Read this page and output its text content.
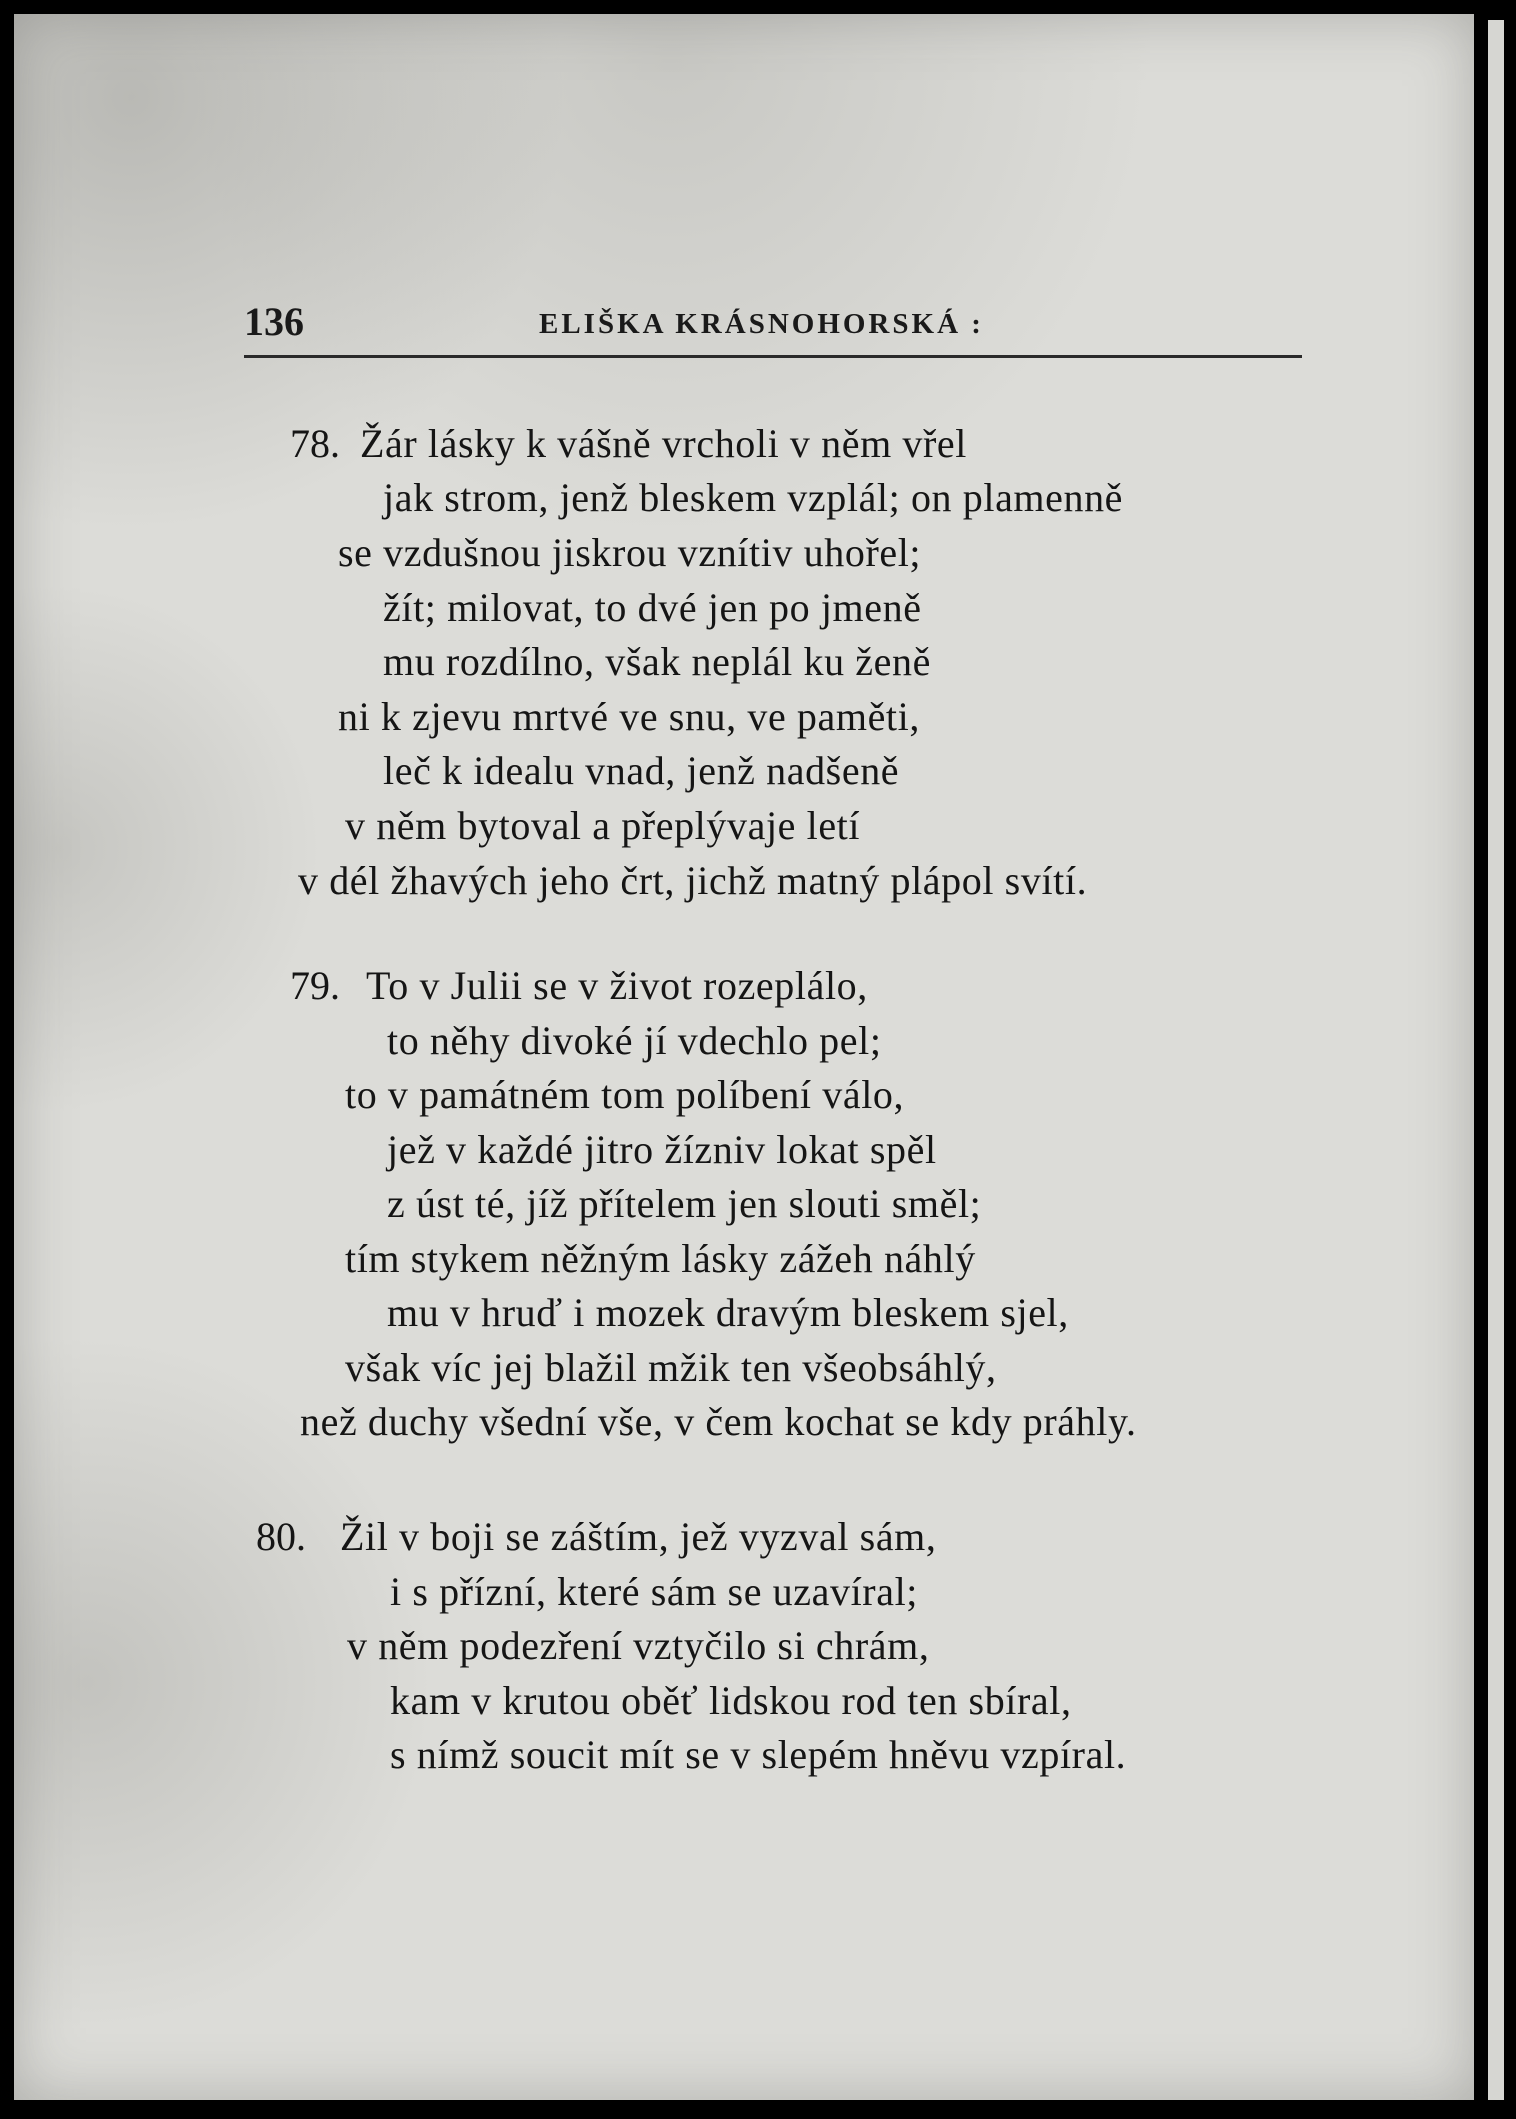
136	ELIŠKA KRÁSNOHORSKÁ :
78. Žár lásky k vášně vrcholi v něm vřel
jak strom, jenž bleskem vzplál; on plamenně
se vzdušnou jiskrou vznítiv uhořel;
žít; milovat, to dvé jen po jmeně
mu rozdílno, však neplál ku ženě
ni k zjevu mrtvé ve snu, ve paměti,
leč k idealu vnad, jenž nadšeně
v něm bytoval a přeplývaje letí
v dél žhavých jeho črt, jichž matný plápol svítí.
79. To v Julii se v život rozeplálo,
to něhy divoké jí vdechlo pel;
to v památném tom políbení válo,
jež v každé jitro žízniv lokat spěl
z úst té, jíž přítelem jen slouti směl;
tím stykem něžným lásky zážeh náhlý
mu v hruď i mozek dravým bleskem sjel,
však víc jej blažil mžik ten všeobsáhlý,
než duchy všední vše, v čem kochat se kdy práhly.
80. Žil v boji se záštím, jež vyzval sám,
i s přízní, které sám se uzavíral;
v něm podezření vztyčilo si chrám,
kam v krutou oběť lidskou rod ten sbíral,
s nímž soucit mít se v slepém hněvu vzpíral.
